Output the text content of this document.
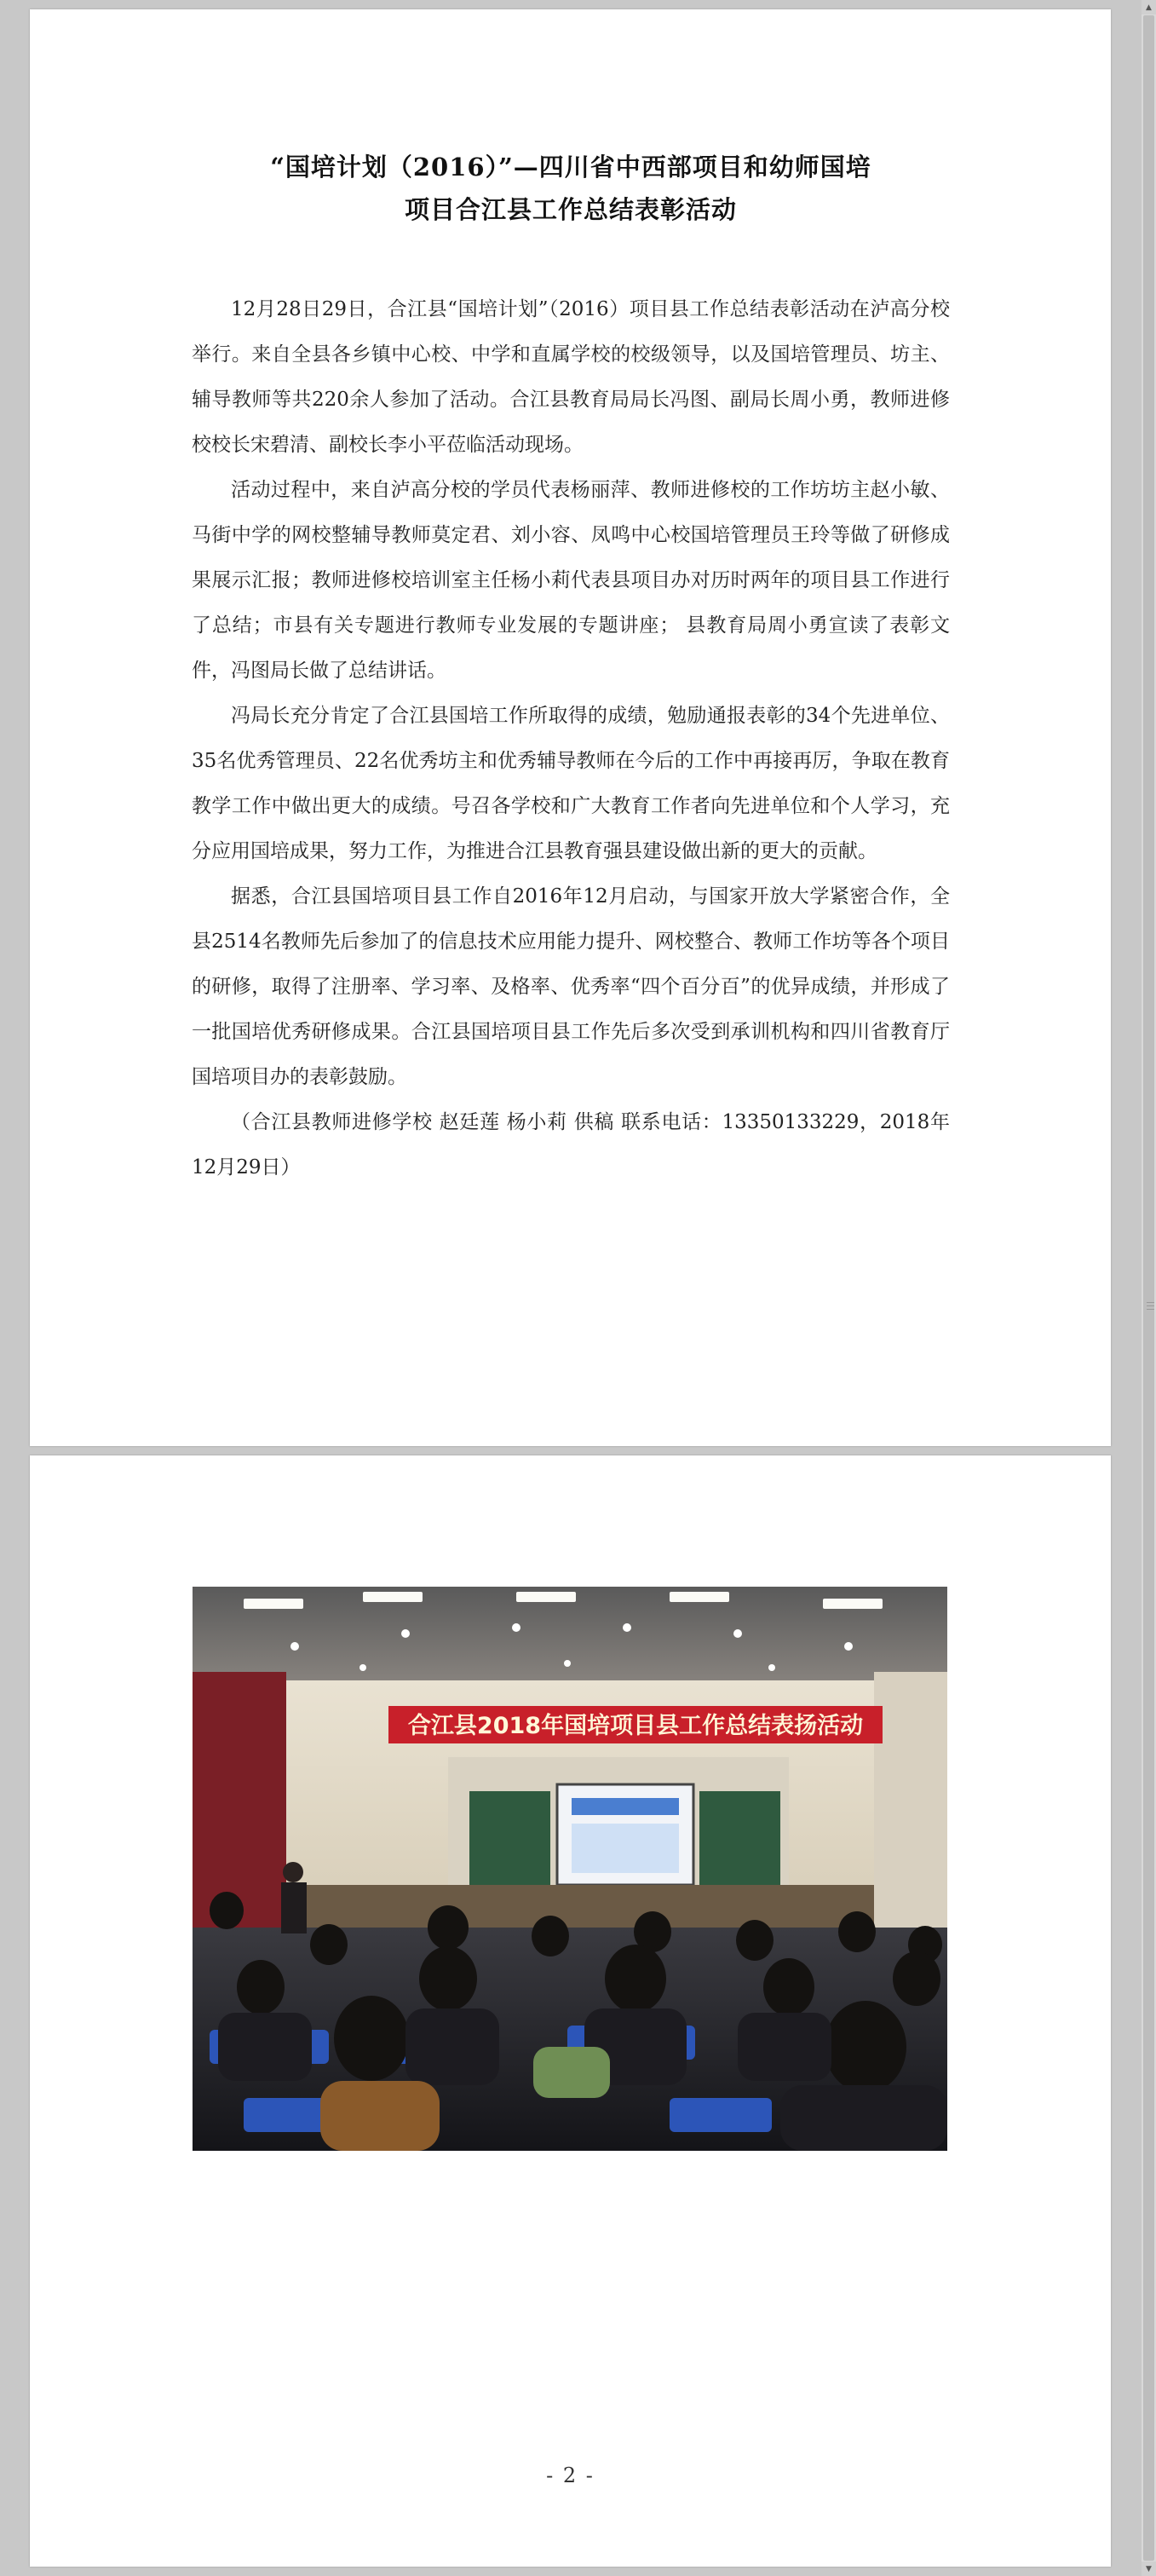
“国培计划（2016）”—四川省中西部项目和幼师国培
项目合江县工作总结表彰活动

12月28日29日，合江县“国培计划”（2016）项目县工作总结表彰活动在泸高分校举行。来自全县各乡镇中心校、中学和直属学校的校级领导，以及国培管理员、坊主、辅导教师等共220余人参加了活动。合江县教育局局长冯图、副局长周小勇，教师进修校校长宋碧清、副校长李小平莅临活动现场。

活动过程中，来自泸高分校的学员代表杨丽萍、教师进修校的工作坊坊主赵小敏、马街中学的网校整辅导教师莫定君、刘小容、凤鸣中心校国培管理员王玲等做了研修成果展示汇报；教师进修校培训室主任杨小莉代表县项目办对历时两年的项目县工作进行了总结；市县有关专题进行教师专业发展的专题讲座； 县教育局周小勇宣读了表彰文件，冯图局长做了总结讲话。

冯局长充分肯定了合江县国培工作所取得的成绩，勉励通报表彰的34个先进单位、35名优秀管理员、22名优秀坊主和优秀辅导教师在今后的工作中再接再厉，争取在教育教学工作中做出更大的成绩。号召各学校和广大教育工作者向先进单位和个人学习，充分应用国培成果，努力工作，为推进合江县教育强县建设做出新的更大的贡献。

据悉，合江县国培项目县工作自2016年12月启动，与国家开放大学紧密合作，全县2514名教师先后参加了的信息技术应用能力提升、网校整合、教师工作坊等各个项目的研修，取得了注册率、学习率、及格率、优秀率“四个百分百”的优异成绩，并形成了一批国培优秀研修成果。合江县国培项目县工作先后多次受到承训机构和四川省教育厅国培项目办的表彰鼓励。

（合江县教师进修学校 赵廷莲 杨小莉 供稿 联系电话：13350133229，2018年12月29日）

合江县2018年国培项目县工作总结表扬活动
- 2 -
▲
▼
